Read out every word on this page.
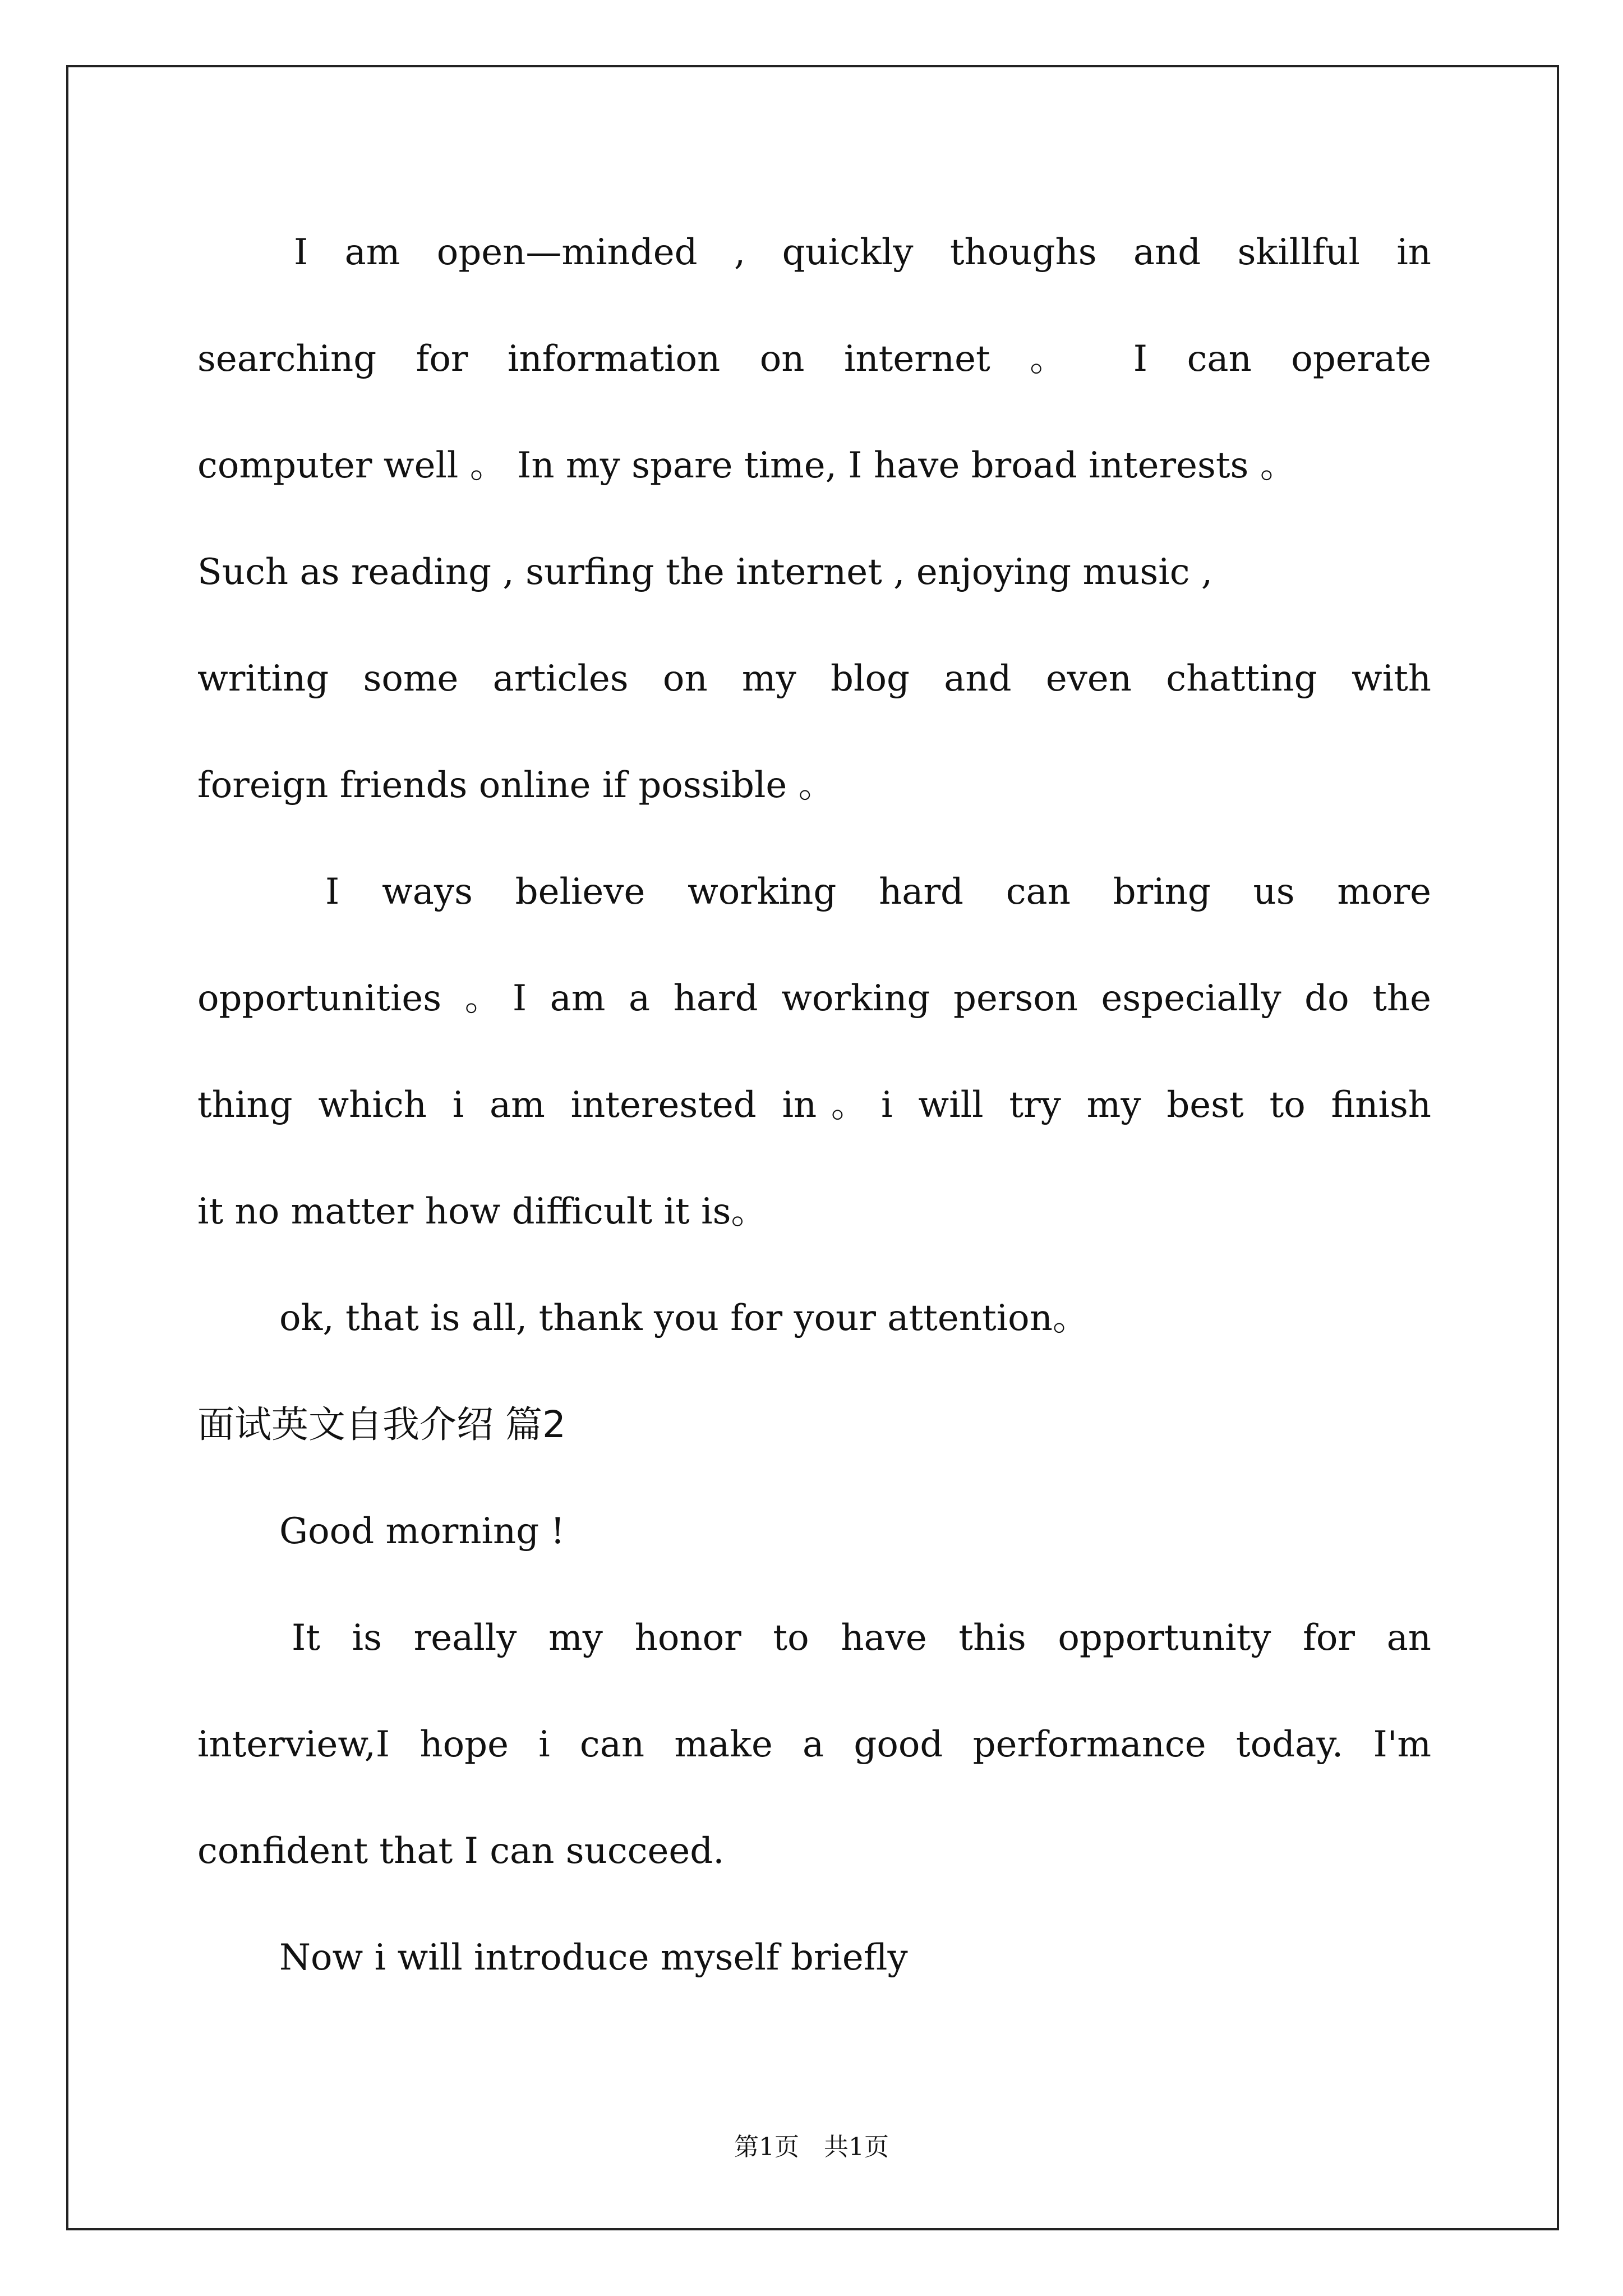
I am open—minded , quickly thoughs and skillful in
searching for information on internet 。 I can operate
computer well 。 In my spare time, I have broad interests 。
Such as reading , surfing the internet , enjoying music ,
writing some articles on my blog and even chatting with
foreign friends online if possible 。
I ways believe working hard can bring us more
opportunities 。I am a hard working person especially do the
thing which i am interested in。i will try my best to finish
it no matter how difficult it is。
ok, that is all, thank you for your attention。
面试英文自我介绍 篇2
Good morning !
It is really my honor to have this opportunity for an
interview,I hope i can make a good performance today. I'm
confident that I can succeed.
Now i will introduce myself briefly
第1页　共1页
